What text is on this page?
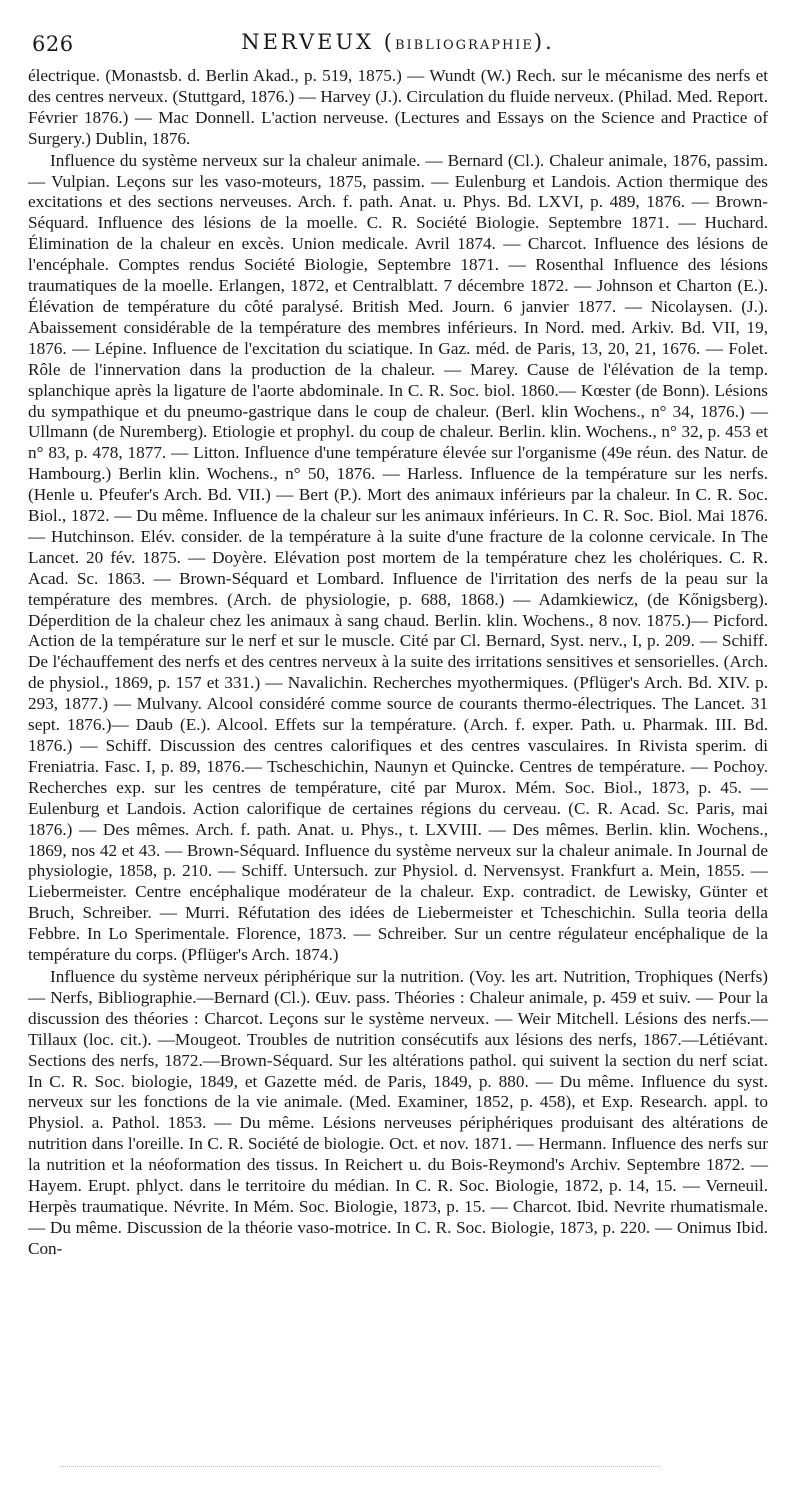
626	NERVEUX (BIBLIOGRAPHIE).

électrique. (Monastsb. d. Berlin Akad., p. 519, 1875.) — Wundt (W.) Rech. sur le mécanisme des nerfs et des centres nerveux. (Stuttgard, 1876.) — Harvey (J.). Circulation du fluide nerveux. (Philad. Med. Report. Février 1876.) — Mac Donnell. L'action nerveuse. (Lectures and Essays on the Science and Practice of Surgery.) Dublin, 1876.

Influence du système nerveux sur la chaleur animale. — Bernard (Cl.). Chaleur animale, 1876, passim. — Vulpian. Leçons sur les vaso-moteurs, 1875, passim. — Eulenburg et Landois. Action thermique des excitations et des sections nerveuses. Arch. f. path. Anat. u. Phys. Bd. LXVI, p. 489, 1876. — Brown-Séquard. Influence des lésions de la moelle. C. R. Société Biologie. Septembre 1871. — Huchard. Élimination de la chaleur en excès. Union medicale. Avril 1874. — Charcot. Influence des lésions de l'encéphale. Comptes rendus Société Biologie, Septembre 1871. — Rosenthal Influence des lésions traumatiques de la moelle. Erlangen, 1872, et Centralblatt. 7 décembre 1872. — Johnson et Charton (E.). Élévation de température du côté paralysé. British Med. Journ. 6 janvier 1877. — Nicolaysen. (J.). Abaissement considérable de la température des membres inférieurs. In Nord. med. Arkiv. Bd. VII, 19, 1876. — Lépine. Influence de l'excitation du sciatique. In Gaz. méd. de Paris, 13, 20, 21, 1676. — Folet. Rôle de l'innervation dans la production de la chaleur. — Marey. Cause de l'élévation de la temp. splanchique après la ligature de l'aorte abdominale. In C. R. Soc. biol. 1860.— Kœster (de Bonn). Lésions du sympathique et du pneumo-gastrique dans le coup de chaleur. (Berl. klin Wochens., n° 34, 1876.) — Ullmann (de Nuremberg). Etiologie et prophyl. du coup de chaleur. Berlin. klin. Wochens., n° 32, p. 453 et n° 83, p. 478, 1877. — Litton. Influence d'une température élevée sur l'organisme (49e réun. des Natur. de Hambourg.) Berlin klin. Wochens., n° 50, 1876. — Harless. Influence de la température sur les nerfs. (Henle u. Pfeufer's Arch. Bd. VII.) — Bert (P.). Mort des animaux inférieurs par la chaleur. In C. R. Soc. Biol., 1872. — Du même. Influence de la chaleur sur les animaux inférieurs. In C. R. Soc. Biol. Mai 1876.— Hutchinson. Elév. consider. de la température à la suite d'une fracture de la colonne cervicale. In The Lancet. 20 fév. 1875. — Doyère. Elévation post mortem de la température chez les cholériques. C. R. Acad. Sc. 1863. — Brown-Séquard et Lombard. Influence de l'irritation des nerfs de la peau sur la température des membres. (Arch. de physiologie, p. 688, 1868.) — Adamkiewicz, (de Kőnigsberg). Déperdition de la chaleur chez les animaux à sang chaud. Berlin. klin. Wochens., 8 nov. 1875.)— Picford. Action de la température sur le nerf et sur le muscle. Cité par Cl. Bernard, Syst. nerv., I, p. 209. — Schiff. De l'échauffement des nerfs et des centres nerveux à la suite des irritations sensitives et sensorielles. (Arch. de physiol., 1869, p. 157 et 331.) — Navalichin. Recherches myothermiques. (Pflüger's Arch. Bd. XIV. p. 293, 1877.) — Mulvany. Alcool considéré comme source de courants thermo-électriques. The Lancet. 31 sept. 1876.)— Daub (E.). Alcool. Effets sur la température. (Arch. f. exper. Path. u. Pharmak. III. Bd. 1876.) — Schiff. Discussion des centres calorifiques et des centres vasculaires. In Rivista sperim. di Freniatria. Fasc. I, p. 89, 1876.— Tscheschichin, Naunyn et Quincke. Centres de température. — Pochoy. Recherches exp. sur les centres de température, cité par Murox. Mém. Soc. Biol., 1873, p. 45. — Eulenburg et Landois. Action calorifique de certaines régions du cerveau. (C. R. Acad. Sc. Paris, mai 1876.) — Des mêmes. Arch. f. path. Anat. u. Phys., t. LXVIII. — Des mêmes. Berlin. klin. Wochens., 1869, nos 42 et 43. — Brown-Séquard. Influence du système nerveux sur la chaleur animale. In Journal de physiologie, 1858, p. 210. — Schiff. Untersuch. zur Physiol. d. Nervensyst. Frankfurt a. Mein, 1855. — Liebermeister. Centre encéphalique modérateur de la chaleur. Exp. contradict. de Lewisky, Günter et Bruch, Schreiber. — Murri. Réfutation des idées de Liebermeister et Tcheschichin. Sulla teoria della Febbre. In Lo Sperimentale. Florence, 1873. — Schreiber. Sur un centre régulateur encéphalique de la température du corps. (Pflüger's Arch. 1874.)

Influence du système nerveux périphérique sur la nutrition. (Voy. les art. Nutrition, Trophiques (Nerfs)— Nerfs, Bibliographie.—Bernard (Cl.). Œuv. pass. Théories : Chaleur animale, p. 459 et suiv. — Pour la discussion des théories : Charcot. Leçons sur le système nerveux. — Weir Mitchell. Lésions des nerfs.— Tillaux (loc. cit.). —Mougeot. Troubles de nutrition consécutifs aux lésions des nerfs, 1867.—Létiévant. Sections des nerfs, 1872.—Brown-Séquard. Sur les altérations pathol. qui suivent la section du nerf sciat. In C. R. Soc. biologie, 1849, et Gazette méd. de Paris, 1849, p. 880. — Du même. Influence du syst. nerveux sur les fonctions de la vie animale. (Med. Examiner, 1852, p. 458), et Exp. Research. appl. to Physiol. a. Pathol. 1853. — Du même. Lésions nerveuses périphériques produisant des altérations de nutrition dans l'oreille. In C. R. Société de biologie. Oct. et nov. 1871. — Hermann. Influence des nerfs sur la nutrition et la néoformation des tissus. In Reichert u. du Bois-Reymond's Archiv. Septembre 1872. — Hayem. Erupt. phlyct. dans le territoire du médian. In C. R. Soc. Biologie, 1872, p. 14, 15. — Verneuil. Herpès traumatique. Névrite. In Mém. Soc. Biologie, 1873, p. 15. — Charcot. Ibid. Nevrite rhumatismale. — Du même. Discussion de la théorie vaso-motrice. In C. R. Soc. Biologie, 1873, p. 220. — Onimus Ibid. Con-
